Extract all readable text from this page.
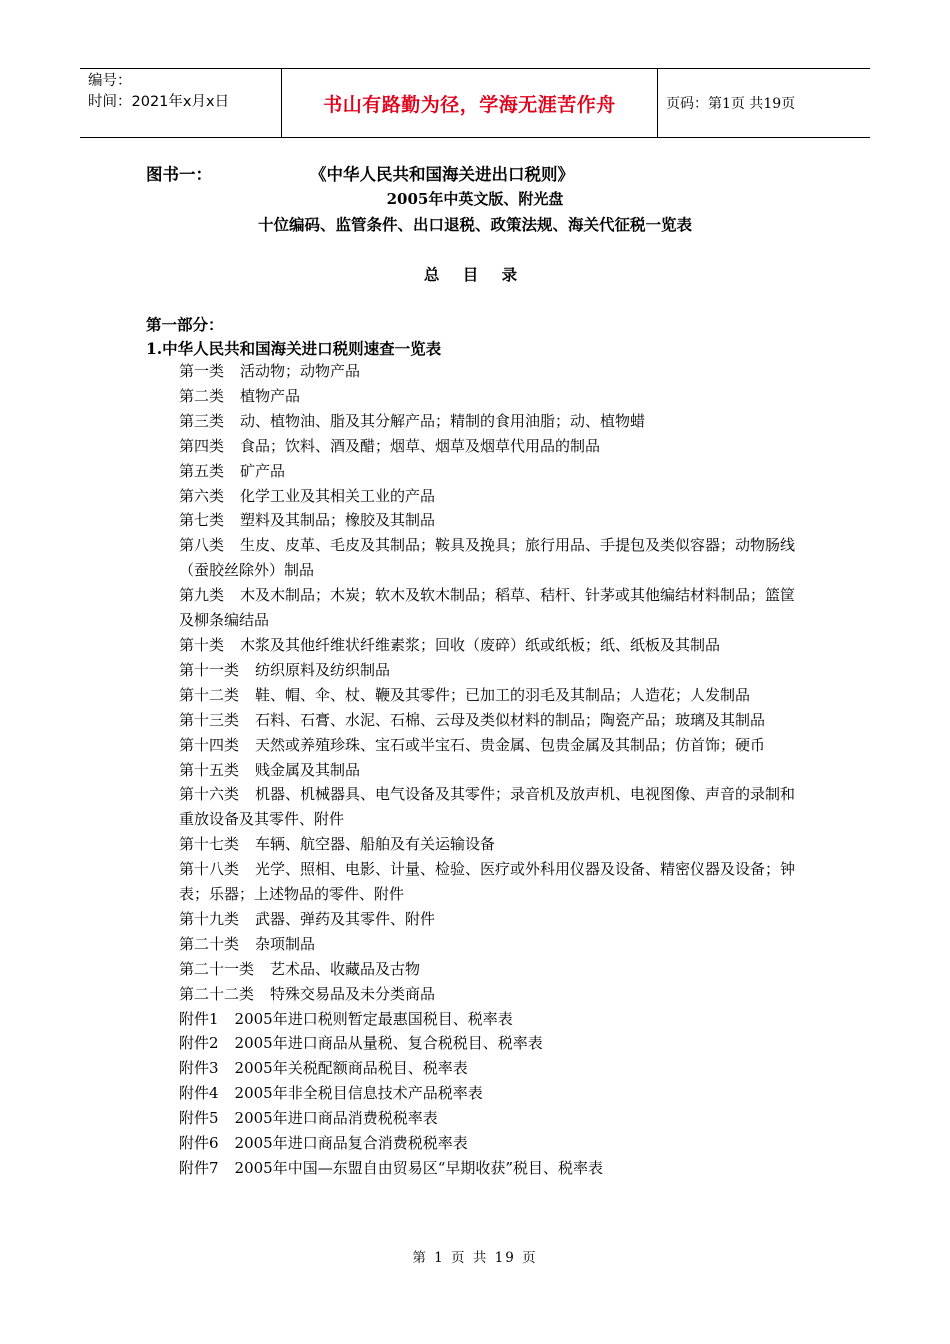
编号：
时间：2021年x月x日	书山有路勤为径，学海无涯苦作舟	页码：第1页 共19页
图书一：	《中华人民共和国海关进出口税则》
2005年中英文版、附光盘
十位编码、监管条件、出口退税、政策法规、海关代征税一览表
总 目 录
第一部分：
1.中华人民共和国海关进口税则速查一览表
第一类 活动物；动物产品
第二类 植物产品
第三类 动、植物油、脂及其分解产品；精制的食用油脂；动、植物蜡
第四类 食品；饮料、酒及醋；烟草、烟草及烟草代用品的制品
第五类 矿产品
第六类 化学工业及其相关工业的产品
第七类 塑料及其制品；橡胶及其制品
第八类 生皮、皮革、毛皮及其制品；鞍具及挽具；旅行用品、手提包及类似容器；动物肠线（蚕胶丝除外）制品
第九类 木及木制品；木炭；软木及软木制品；稻草、秸杆、针茅或其他编结材料制品；篮筐及柳条编结品
第十类 木浆及其他纤维状纤维素浆；回收（废碎）纸或纸板；纸、纸板及其制品
第十一类 纺织原料及纺织制品
第十二类 鞋、帽、伞、杖、鞭及其零件；已加工的羽毛及其制品；人造花；人发制品
第十三类 石料、石膏、水泥、石棉、云母及类似材料的制品；陶瓷产品；玻璃及其制品
第十四类 天然或养殖珍珠、宝石或半宝石、贵金属、包贵金属及其制品；仿首饰；硬币
第十五类 贱金属及其制品
第十六类 机器、机械器具、电气设备及其零件；录音机及放声机、电视图像、声音的录制和重放设备及其零件、附件
第十七类 车辆、航空器、船舶及有关运输设备
第十八类 光学、照相、电影、计量、检验、医疗或外科用仪器及设备、精密仪器及设备；钟表；乐器；上述物品的零件、附件
第十九类 武器、弹药及其零件、附件
第二十类 杂项制品
第二十一类 艺术品、收藏品及古物
第二十二类 特殊交易品及未分类商品
附件1 2005年进口税则暂定最惠国税目、税率表
附件2 2005年进口商品从量税、复合税税目、税率表
附件3 2005年关税配额商品税目、税率表
附件4 2005年非全税目信息技术产品税率表
附件5 2005年进口商品消费税税率表
附件6 2005年进口商品复合消费税税率表
附件7 2005年中国—东盟自由贸易区“早期收获”税目、税率表
第 1 页 共 19 页
